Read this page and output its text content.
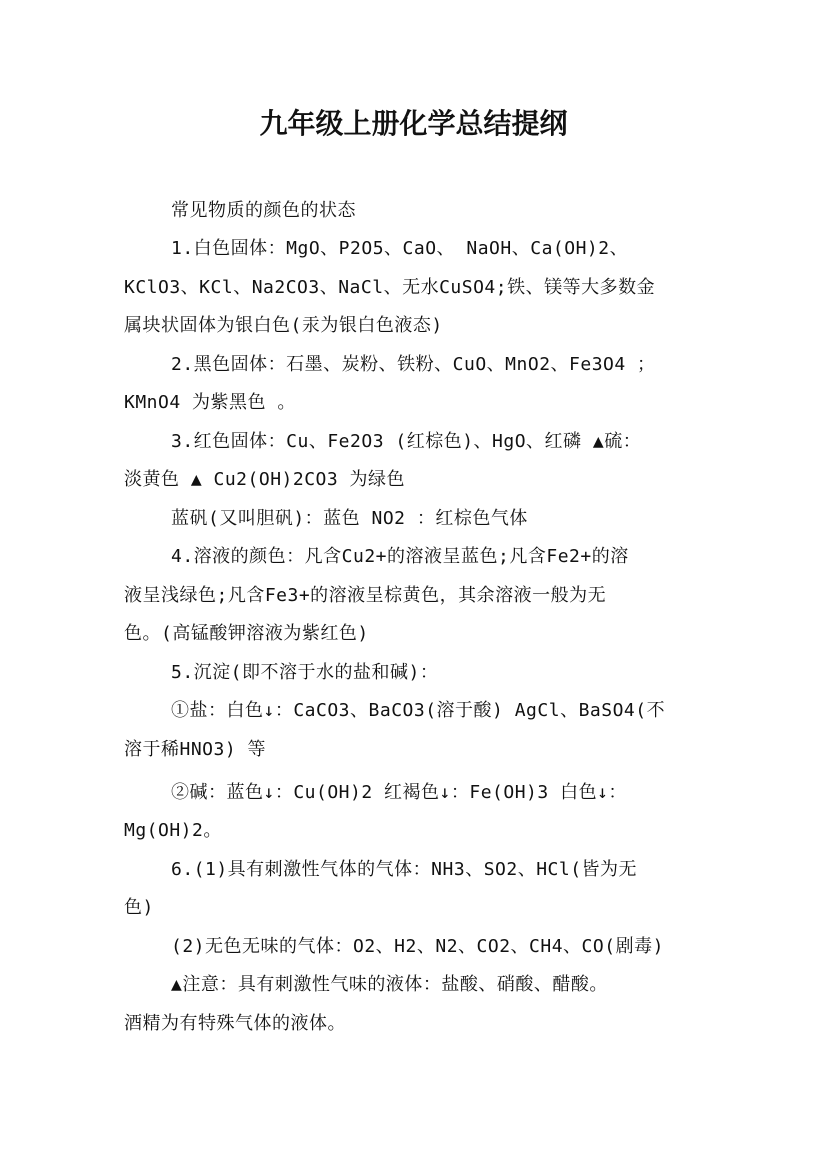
九年级上册化学总结提纲
常见物质的颜色的状态
1.白色固体：MgO、P2O5、CaO、 NaOH、Ca(OH)2、
KClO3、KCl、Na2CO3、NaCl、无水CuSO4;铁、镁等大多数金
属块状固体为银白色(汞为银白色液态)
2.黑色固体：石墨、炭粉、铁粉、CuO、MnO2、Fe3O4 ；
KMnO4 为紫黑色 。
3.红色固体：Cu、Fe2O3 (红棕色)、HgO、红磷 ▲硫：
淡黄色 ▲ Cu2(OH)2CO3 为绿色
蓝矾(又叫胆矾)：蓝色 NO2 ：红棕色气体
4.溶液的颜色：凡含Cu2+的溶液呈蓝色;凡含Fe2+的溶
液呈浅绿色;凡含Fe3+的溶液呈棕黄色，其余溶液一般为无
色。(高锰酸钾溶液为紫红色)
5.沉淀(即不溶于水的盐和碱)：
①盐：白色↓：CaCO3、BaCO3(溶于酸) AgCl、BaSO4(不
溶于稀HNO3) 等
②碱：蓝色↓：Cu(OH)2 红褐色↓：Fe(OH)3 白色↓：
Mg(OH)2。
6.(1)具有刺激性气体的气体：NH3、SO2、HCl(皆为无
色)
(2)无色无味的气体：O2、H2、N2、CO2、CH4、CO(剧毒)
▲注意：具有刺激性气味的液体：盐酸、硝酸、醋酸。
酒精为有特殊气体的液体。
